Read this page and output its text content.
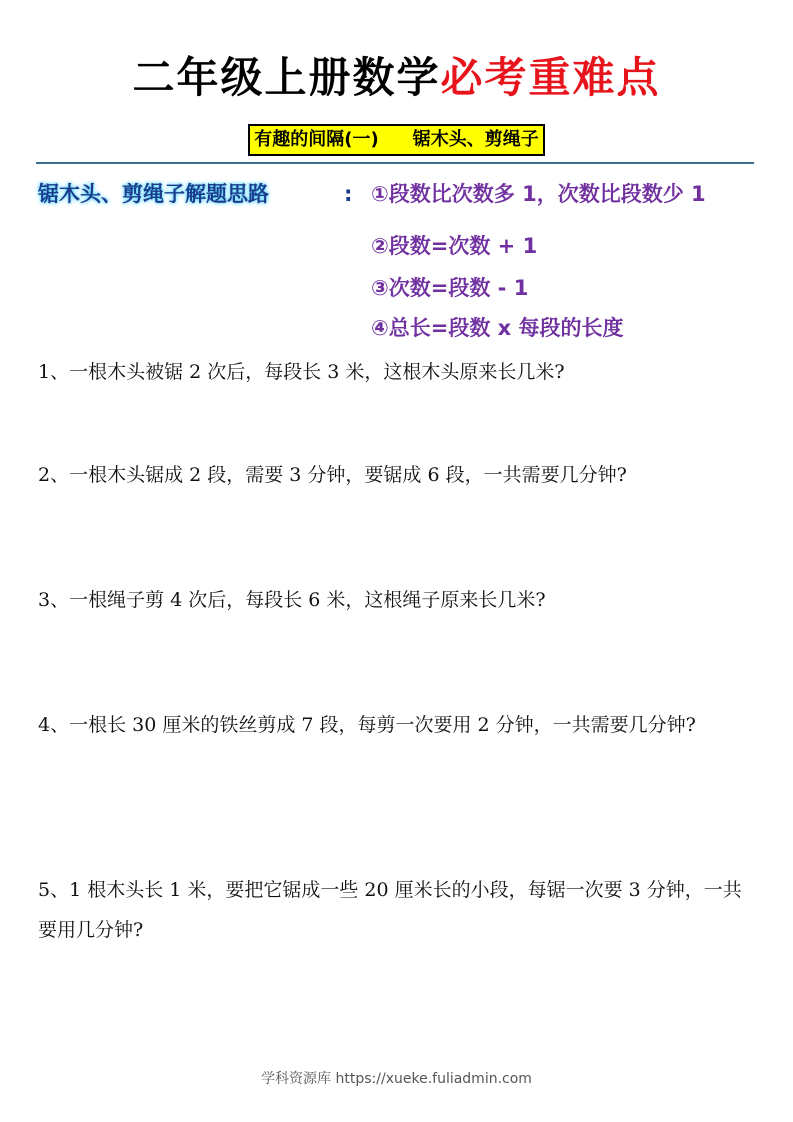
二年级上册数学必考重难点
有趣的间隔(一) 锯木头、剪绳子
锯木头、剪绳子解题思路	: ①段数比次数多 1，次数比段数少 1
②段数=次数 + 1
③次数=段数 - 1
④总长=段数 x 每段的长度
1、一根木头被锯 2 次后，每段长 3 米，这根木头原来长几米?
2、一根木头锯成 2 段，需要 3 分钟，要锯成 6 段，一共需要几分钟?
3、一根绳子剪 4 次后，每段长 6 米，这根绳子原来长几米?
4、一根长 30 厘米的铁丝剪成 7 段，每剪一次要用 2 分钟，一共需要几分钟?
5、1 根木头长 1 米，要把它锯成一些 20 厘米长的小段，每锯一次要 3 分钟，一共要用几分钟?
学科资源库 https://xueke.fuliadmin.com
